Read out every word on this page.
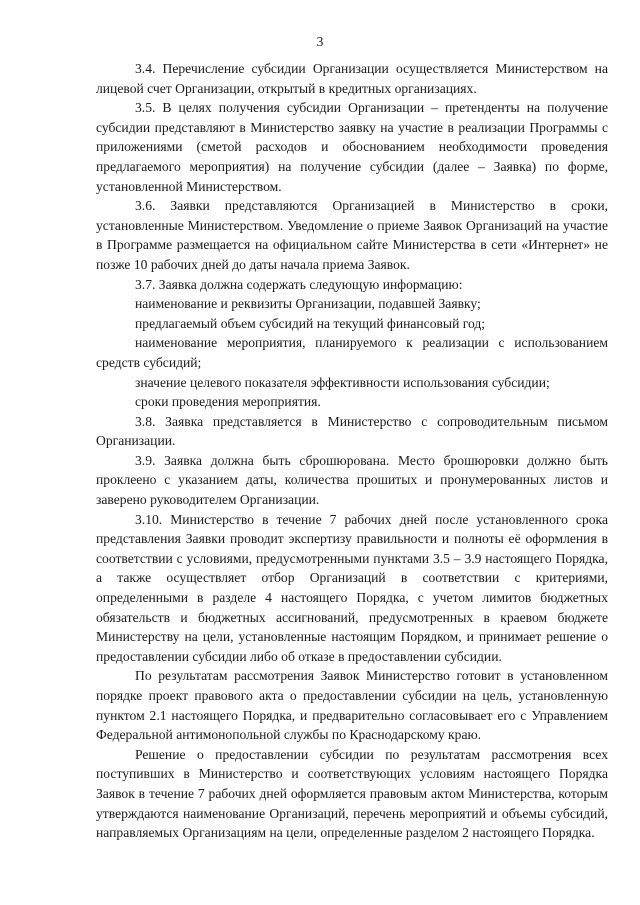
3

3.4. Перечисление субсидии Организации осуществляется Министерством на лицевой счет Организации, открытый в кредитных организациях.

3.5. В целях получения субсидии Организации – претенденты на получение субсидии представляют в Министерство заявку на участие в реализации Программы с приложениями (сметой расходов и обоснованием необходимости проведения предлагаемого мероприятия) на получение субсидии (далее – Заявка) по форме, установленной Министерством.

3.6. Заявки представляются Организацией в Министерство в сроки, установленные Министерством. Уведомление о приеме Заявок Организаций на участие в Программе размещается на официальном сайте Министерства в сети «Интернет» не позже 10 рабочих дней до даты начала приема Заявок.

3.7. Заявка должна содержать следующую информацию:

наименование и реквизиты Организации, подавшей Заявку;

предлагаемый объем субсидий на текущий финансовый год;

наименование мероприятия, планируемого к реализации с использованием средств субсидий;

значение целевого показателя эффективности использования субсидии;

сроки проведения мероприятия.

3.8. Заявка представляется в Министерство с сопроводительным письмом Организации.

3.9. Заявка должна быть сброшюрована. Место брошюровки должно быть проклеено с указанием даты, количества прошитых и пронумерованных листов и заверено руководителем Организации.

3.10. Министерство в течение 7 рабочих дней после установленного срока представления Заявки проводит экспертизу правильности и полноты её оформления в соответствии с условиями, предусмотренными пунктами 3.5 – 3.9 настоящего Порядка, а также осуществляет отбор Организаций в соответствии с критериями, определенными в разделе 4 настоящего Порядка, с учетом лимитов бюджетных обязательств и бюджетных ассигнований, предусмотренных в краевом бюджете Министерству на цели, установленные настоящим Порядком, и принимает решение о предоставлении субсидии либо об отказе в предоставлении субсидии.

По результатам рассмотрения Заявок Министерство готовит в установленном порядке проект правового акта о предоставлении субсидии на цель, установленную пунктом 2.1 настоящего Порядка, и предварительно согласовывает его с Управлением Федеральной антимонопольной службы по Краснодарскому краю.

Решение о предоставлении субсидии по результатам рассмотрения всех поступивших в Министерство и соответствующих условиям настоящего Порядка Заявок в течение 7 рабочих дней оформляется правовым актом Министерства, которым утверждаются наименование Организаций, перечень мероприятий и объемы субсидий, направляемых Организациям на цели, определенные разделом 2 настоящего Порядка.
